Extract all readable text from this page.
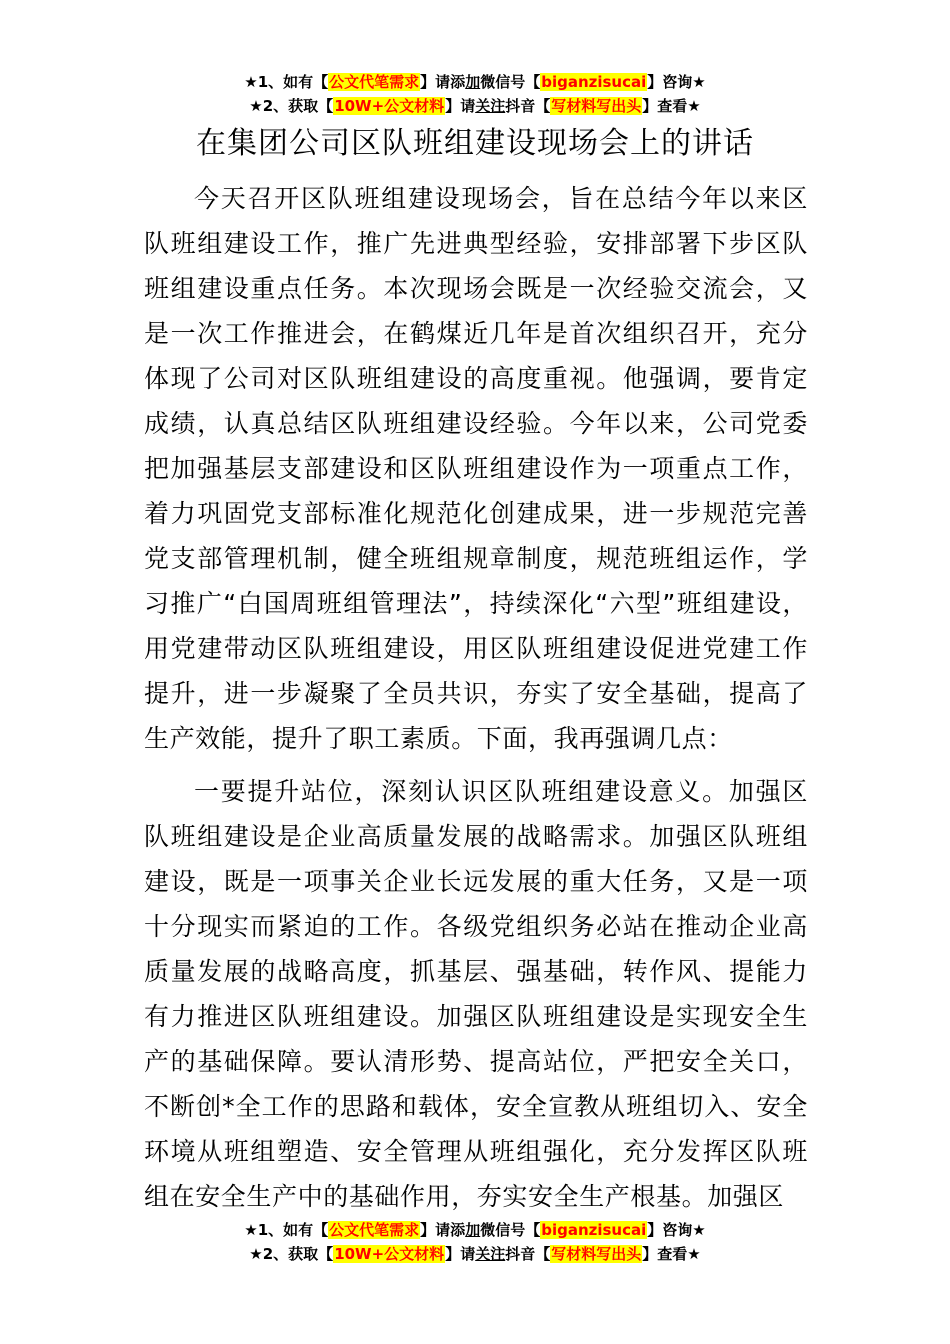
★1、如有【公文代笔需求】请添加微信号【biganzisucai】咨询★
★2、获取【10W+公文材料】请关注抖音【写材料写出头】查看★
在集团公司区队班组建设现场会上的讲话

今天召开区队班组建设现场会，旨在总结今年以来区队班组建设工作，推广先进典型经验，安排部署下步区队班组建设重点任务。本次现场会既是一次经验交流会，又是一次工作推进会，在鹤煤近几年是首次组织召开，充分体现了公司对区队班组建设的高度重视。他强调，要肯定成绩，认真总结区队班组建设经验。今年以来，公司党委把加强基层支部建设和区队班组建设作为一项重点工作，着力巩固党支部标准化规范化创建成果，进一步规范完善党支部管理机制，健全班组规章制度，规范班组运作，学习推广“白国周班组管理法”，持续深化“六型”班组建设，用党建带动区队班组建设，用区队班组建设促进党建工作提升，进一步凝聚了全员共识，夯实了安全基础，提高了生产效能，提升了职工素质。下面，我再强调几点：

一要提升站位，深刻认识区队班组建设意义。加强区队班组建设是企业高质量发展的战略需求。加强区队班组建设，既是一项事关企业长远发展的重大任务，又是一项十分现实而紧迫的工作。各级党组织务必站在推动企业高质量发展的战略高度，抓基层、强基础，转作风、提能力有力推进区队班组建设。加强区队班组建设是实现安全生产的基础保障。要认清形势、提高站位，严把安全关口，不断创*全工作的思路和载体，安全宣教从班组切入、安全环境从班组塑造、安全管理从班组强化，充分发挥区队班组在安全生产中的基础作用，夯实安全生产根基。加强区

★1、如有【公文代笔需求】请添加微信号【biganzisucai】咨询★
★2、获取【10W+公文材料】请关注抖音【写材料写出头】查看★
